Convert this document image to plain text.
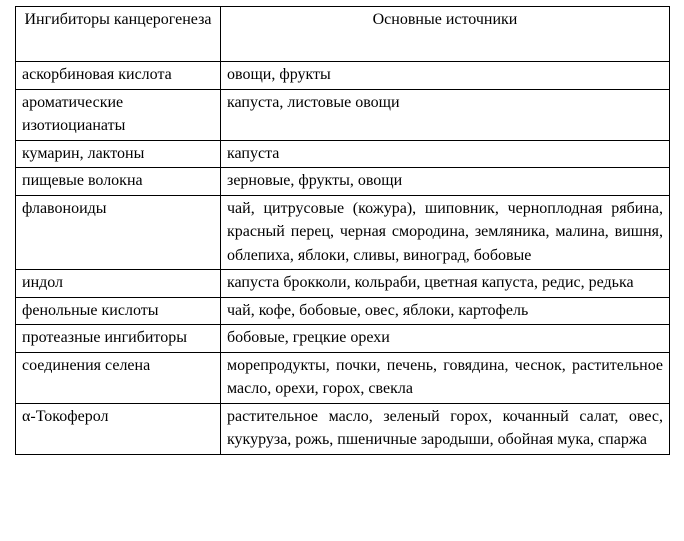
Ингибиторы канцерогенеза	Основные источники
аскорбиновая кислота	овощи, фрукты
ароматические изотиоцианаты	капуста, листовые овощи
кумарин, лактоны	капуста
пищевые волокна	зерновые, фрукты, овощи
флавоноиды	чай, цитрусовые (кожура), шиповник, черноплодная рябина, красный перец, черная смородина, земляника, малина, вишня, облепиха, яблоки, сливы, виноград, бобовые
индол	капуста брокколи, кольраби, цветная капуста, редис, редька
фенольные кислоты	чай, кофе, бобовые, овес, яблоки, картофель
протеазные ингибиторы	бобовые, грецкие орехи
соединения селена	морепродукты, почки, печень, говядина, чеснок, растительное масло, орехи, горох, свекла
α-Токоферол	растительное масло, зеленый горох, кочанный салат, овес, кукуруза, рожь, пшеничные зародыши, обойная мука, спаржа
